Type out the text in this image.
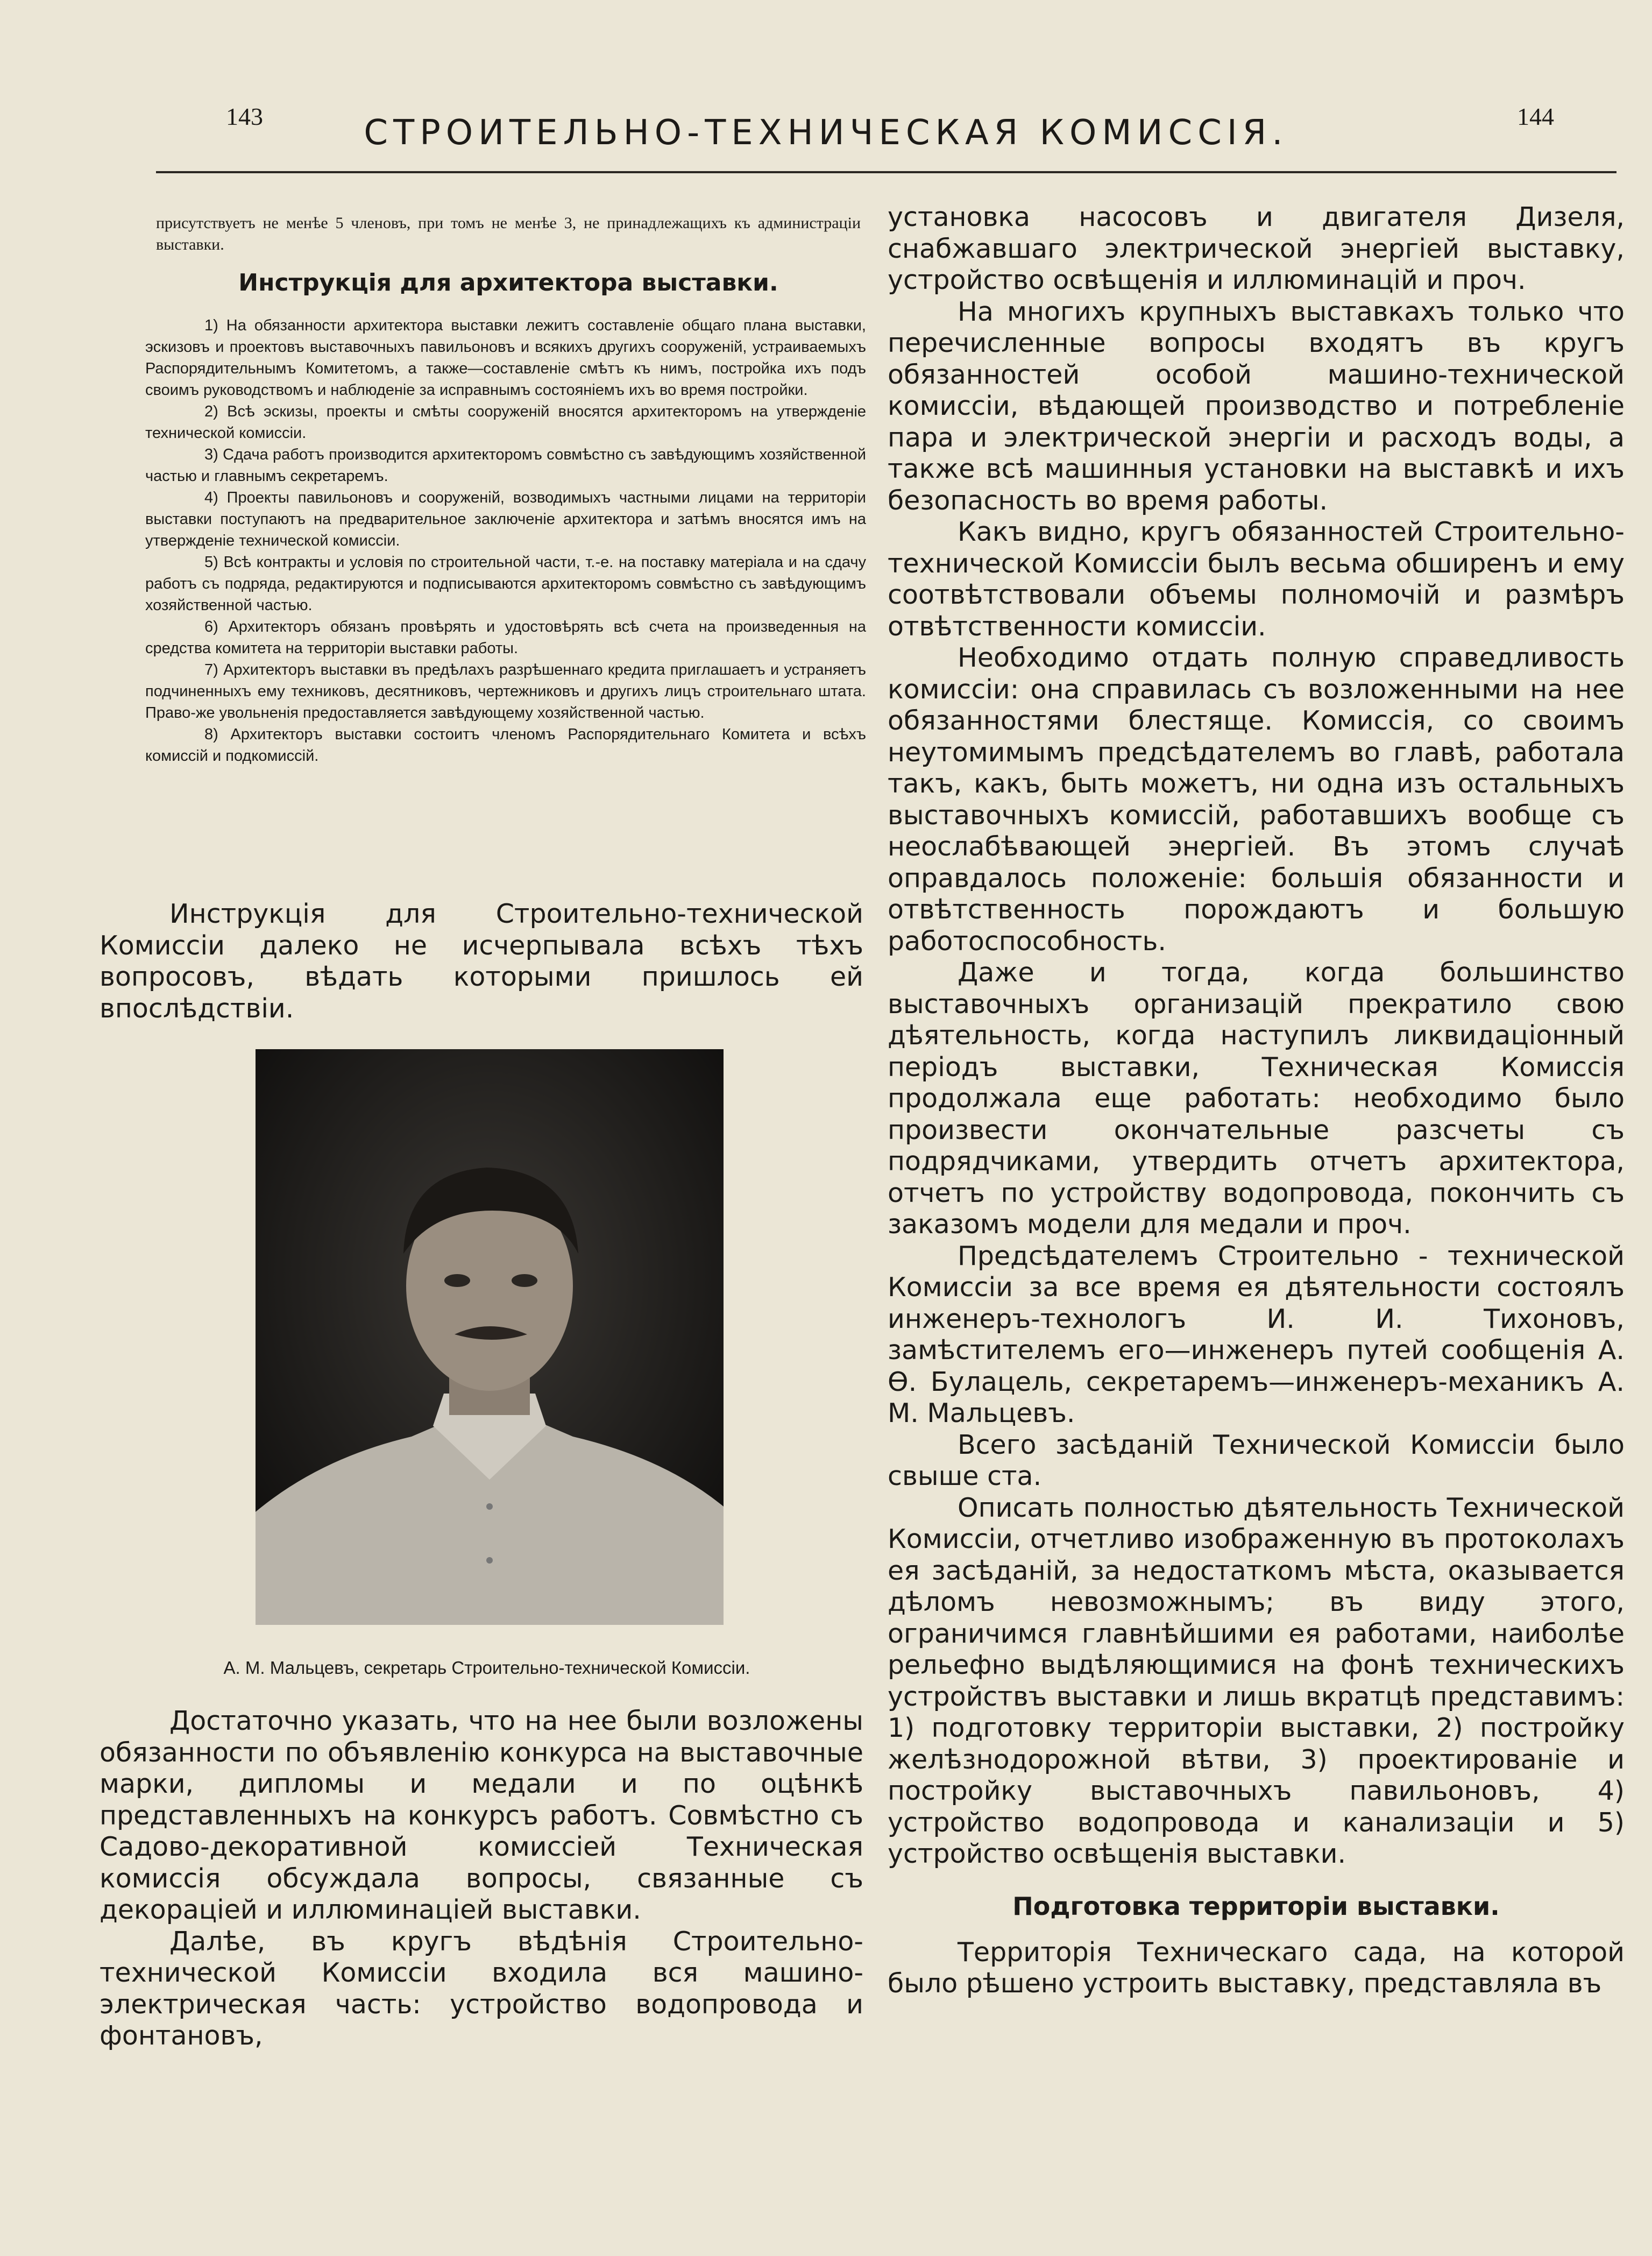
143	СТРОИТЕЛЬНО-ТЕХНИЧЕСКАЯ КОМИССІЯ.	144

присутствуетъ не менѣе 5 членовъ, при томъ не менѣе 3, не принадлежащихъ къ администраціи выставки.

Инструкція для архитектора выставки.

1) На обязанности архитектора выставки лежитъ составленіе общаго плана выставки, эскизовъ и проектовъ выставочныхъ павильоновъ и всякихъ другихъ сооруженій, устраиваемыхъ Распорядительнымъ Комитетомъ, а также—составленіе смѣтъ къ нимъ, постройка ихъ подъ своимъ руководствомъ и наблюденіе за исправнымъ состояніемъ ихъ во время постройки.

2) Всѣ эскизы, проекты и смѣты сооруженій вносятся архитекторомъ на утвержденіе технической комиссіи.

3) Сдача работъ производится архитекторомъ совмѣстно съ завѣдующимъ хозяйственной частью и главнымъ секретаремъ.

4) Проекты павильоновъ и сооруженій, возводимыхъ частными лицами на территоріи выставки поступаютъ на предварительное заключеніе архитектора и затѣмъ вносятся имъ на утвержденіе технической комиссіи.

5) Всѣ контракты и условія по строительной части, т.-е. на поставку матеріала и на сдачу работъ съ подряда, редактируются и подписываются архитекторомъ совмѣстно съ завѣдующимъ хозяйственной частью.

6) Архитекторъ обязанъ провѣрять и удостовѣрять всѣ счета на произведенныя на средства комитета на территоріи выставки работы.

7) Архитекторъ выставки въ предѣлахъ разрѣшеннаго кредита приглашаетъ и устраняетъ подчиненныхъ ему техниковъ, десятниковъ, чертежниковъ и другихъ лицъ строительнаго штата. Право-же увольненія предоставляется завѣдующему хозяйственной частью.

8) Архитекторъ выставки состоитъ членомъ Распорядительнаго Комитета и всѣхъ комиссій и подкомиссій.

Инструкція для Строительно-технической Комиссіи далеко не исчерпывала всѣхъ тѣхъ вопросовъ, вѣдать которыми пришлось ей впослѣдствіи.

А. М. Мальцевъ, секретарь Строительно-технической Комиссіи.

Достаточно указать, что на нее были возложены обязанности по объявленію конкурса на выставочные марки, дипломы и медали и по оцѣнкѣ представленныхъ на конкурсъ работъ. Совмѣстно съ Садово-декоративной комиссіей Техническая комиссія обсуждала вопросы, связанные съ декораціей и иллюминаціей выставки.

Далѣе, въ кругъ вѣдѣнія Строительно-технической Комиссіи входила вся машино-электрическая часть: устройство водопровода и фонтановъ,

установка насосовъ и двигателя Дизеля, снабжавшаго электрической энергіей выставку, устройство освѣщенія и иллюминацій и проч.

На многихъ крупныхъ выставкахъ только что перечисленные вопросы входятъ въ кругъ обязанностей особой машино-технической комиссіи, вѣдающей производство и потребленіе пара и электрической энергіи и расходъ воды, а также всѣ машинныя установки на выставкѣ и ихъ безопасность во время работы.

Какъ видно, кругъ обязанностей Строительно-технической Комиссіи былъ весьма обширенъ и ему соотвѣтствовали объемы полномочій и размѣръ отвѣтственности комиссіи.

Необходимо отдать полную справедливость комиссіи: она справилась съ возложенными на нее обязанностями блестяще. Комиссія, со своимъ неутомимымъ предсѣдателемъ во главѣ, работала такъ, какъ, быть можетъ, ни одна изъ остальныхъ выставочныхъ комиссій, работавшихъ вообще съ неослабѣвающей энергіей. Въ этомъ случаѣ оправдалось положеніе: большія обязанности и отвѣтственность порождаютъ и большую работоспособность.

Даже и тогда, когда большинство выставочныхъ организацій прекратило свою дѣятельность, когда наступилъ ликвидаціонный періодъ выставки, Техническая Комиссія продолжала еще работать: необходимо было произвести окончательные разсчеты съ подрядчиками, утвердить отчетъ архитектора, отчетъ по устройству водопровода, покончить съ заказомъ модели для медали и проч.

Предсѣдателемъ Строительно - технической Комиссіи за все время ея дѣятельности состоялъ инженеръ-технологъ И. И. Тихоновъ, замѣстителемъ его—инженеръ путей сообщенія А. Ѳ. Булацель, секретаремъ—инженеръ-механикъ А. М. Мальцевъ.

Всего засѣданій Технической Комиссіи было свыше ста.

Описать полностью дѣятельность Технической Комиссіи, отчетливо изображенную въ протоколахъ ея засѣданій, за недостаткомъ мѣста, оказывается дѣломъ невозможнымъ; въ виду этого, ограничимся главнѣйшими ея работами, наиболѣе рельефно выдѣляющимися на фонѣ техническихъ устройствъ выставки и лишь вкратцѣ представимъ: 1) подготовку территоріи выставки, 2) постройку желѣзнодорожной вѣтви, 3) проектированіе и постройку выставочныхъ павильоновъ, 4) устройство водопровода и канализаціи и 5) устройство освѣщенія выставки.

Подготовка территоріи выставки.

Территорія Техническаго сада, на которой было рѣшено устроить выставку, представляла въ
